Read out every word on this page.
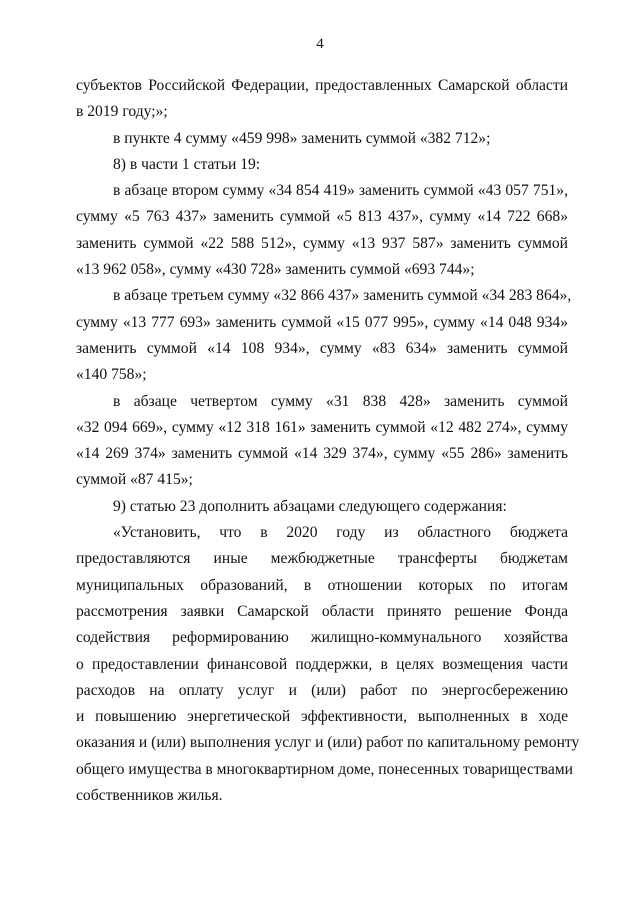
4
субъектов Российской Федерации, предоставленных Самарской области
в 2019 году;»;
в пункте 4 сумму «459 998» заменить суммой «382 712»;
8) в части 1 статьи 19:
в абзаце втором сумму «34 854 419» заменить суммой «43 057 751»,
сумму «5 763 437» заменить суммой «5 813 437», сумму «14 722 668»
заменить суммой «22 588 512», сумму «13 937 587» заменить суммой
«13 962 058», сумму «430 728» заменить суммой «693 744»;
в абзаце третьем сумму «32 866 437» заменить суммой «34 283 864»,
сумму «13 777 693» заменить суммой «15 077 995», сумму «14 048 934»
заменить суммой «14 108 934», сумму «83 634» заменить суммой
«140 758»;
в абзаце четвертом сумму «31 838 428» заменить суммой
«32 094 669», сумму «12 318 161» заменить суммой «12 482 274», сумму
«14 269 374» заменить суммой «14 329 374», сумму «55 286» заменить
суммой «87 415»;
9) статью 23 дополнить абзацами следующего содержания:
«Установить, что в 2020 году из областного бюджета
предоставляются иные межбюджетные трансферты бюджетам
муниципальных образований, в отношении которых по итогам
рассмотрения заявки Самарской области принято решение Фонда
содействия реформированию жилищно-коммунального хозяйства
о предоставлении финансовой поддержки, в целях возмещения части
расходов на оплату услуг и (или) работ по энергосбережению
и повышению энергетической эффективности, выполненных в ходе
оказания и (или) выполнения услуг и (или) работ по капитальному ремонту
общего имущества в многоквартирном доме, понесенных товариществами
собственников жилья.
